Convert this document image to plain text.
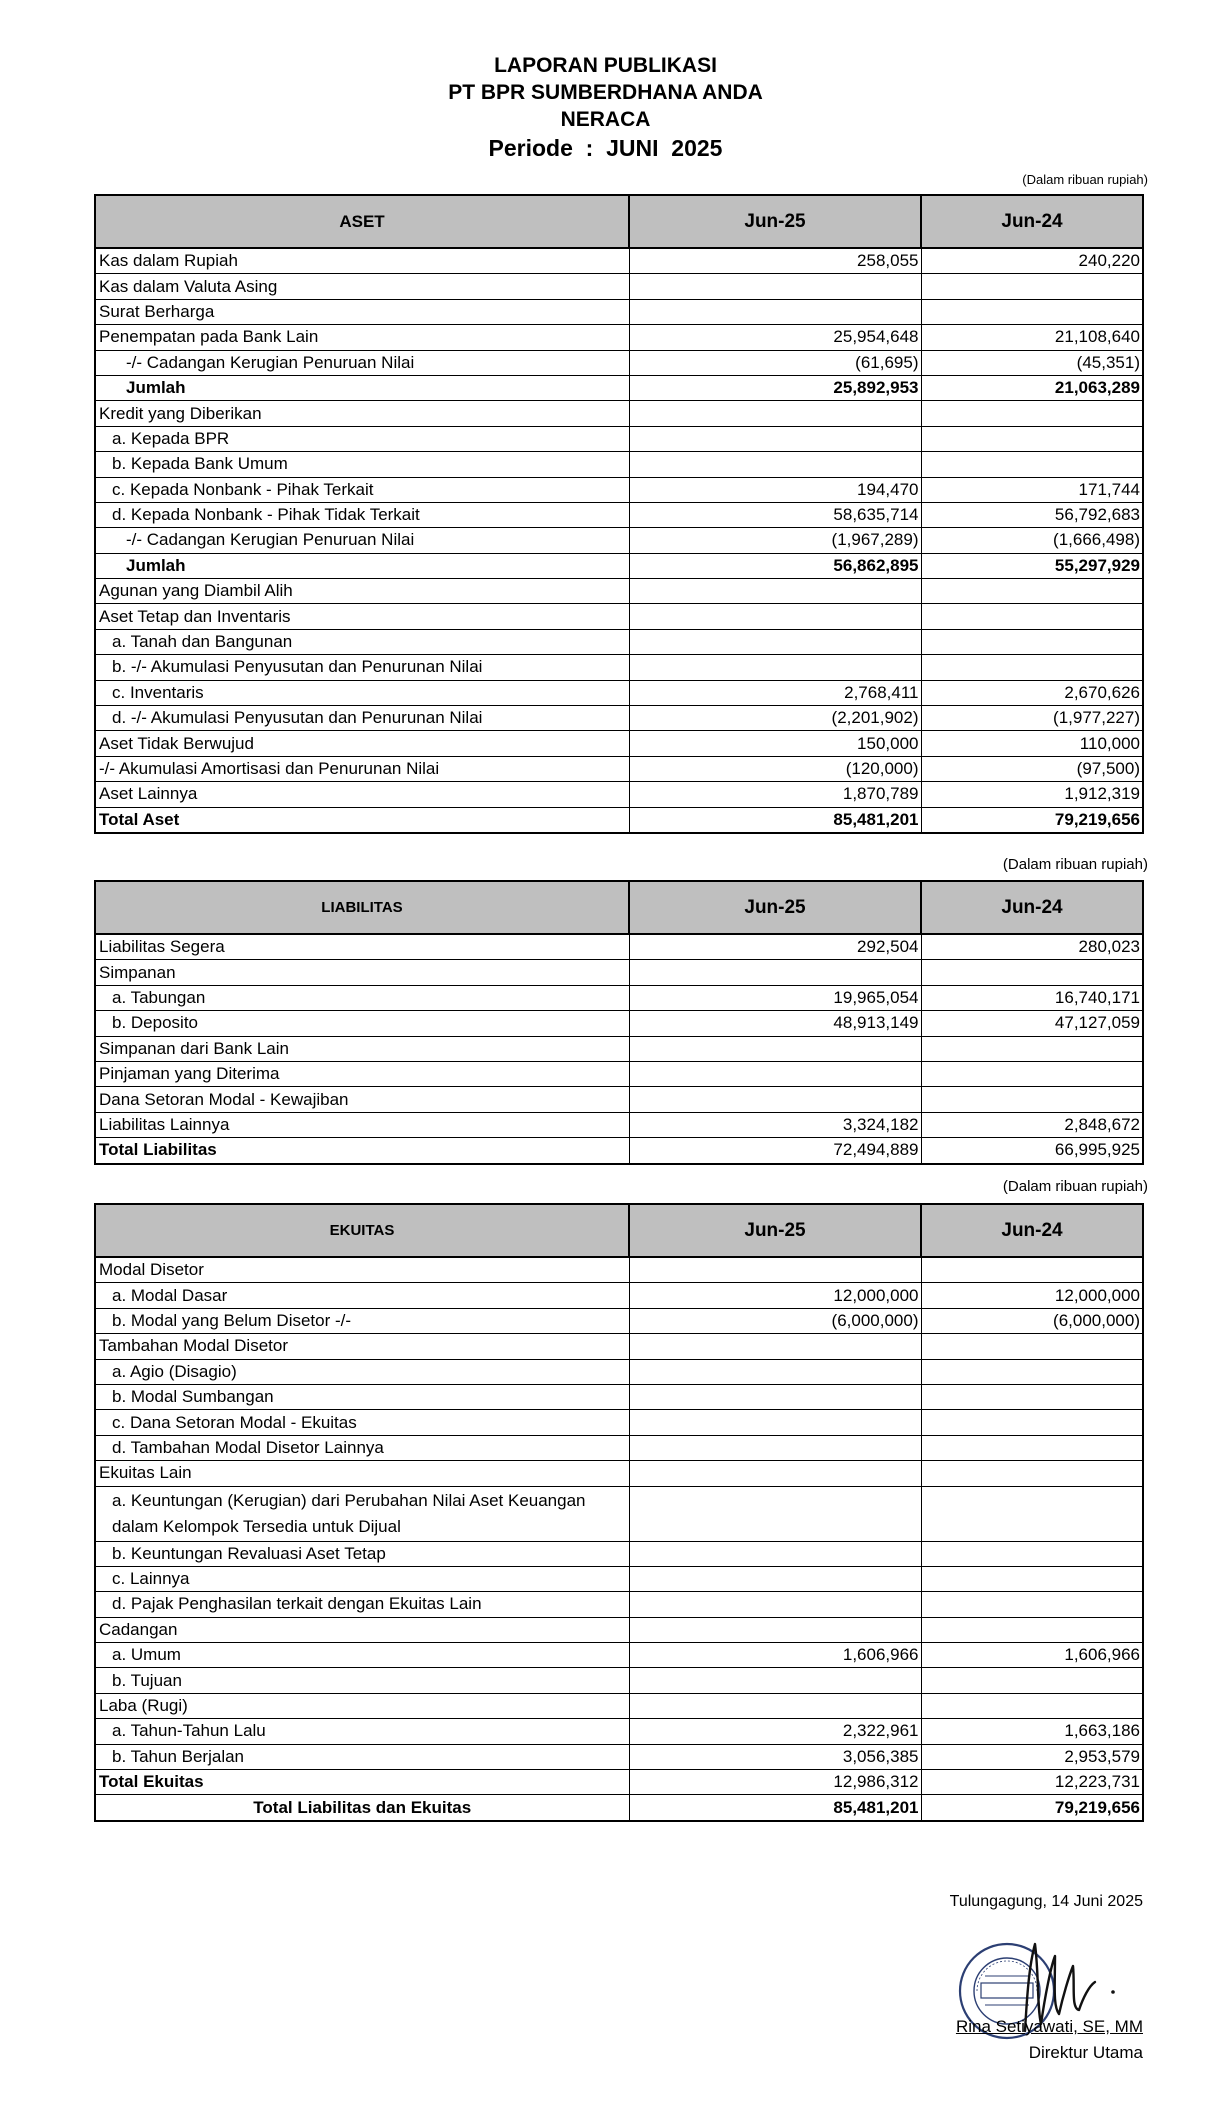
LAPORAN PUBLIKASI
PT BPR SUMBERDHANA ANDA
NERACA
Periode  :  JUNI  2025
(Dalam ribuan rupiah)
ASET	Jun-25	Jun-24
Kas dalam Rupiah	258,055	240,220
Kas dalam Valuta Asing		
Surat Berharga		
Penempatan pada Bank Lain	25,954,648	21,108,640
-/- Cadangan Kerugian Penuruan Nilai	(61,695)	(45,351)
Jumlah	25,892,953	21,063,289
Kredit yang Diberikan		
a. Kepada BPR		
b. Kepada Bank Umum		
c. Kepada Nonbank - Pihak Terkait	194,470	171,744
d. Kepada Nonbank - Pihak Tidak Terkait	58,635,714	56,792,683
-/- Cadangan Kerugian Penuruan Nilai	(1,967,289)	(1,666,498)
Jumlah	56,862,895	55,297,929
Agunan yang Diambil Alih		
Aset Tetap dan Inventaris		
a. Tanah dan Bangunan		
b. -/- Akumulasi Penyusutan dan Penurunan Nilai		
c. Inventaris	2,768,411	2,670,626
d. -/- Akumulasi Penyusutan dan Penurunan Nilai	(2,201,902)	(1,977,227)
Aset Tidak Berwujud	150,000	110,000
-/- Akumulasi Amortisasi dan Penurunan Nilai	(120,000)	(97,500)
Aset Lainnya	1,870,789	1,912,319
Total Aset	85,481,201	79,219,656
(Dalam ribuan rupiah)
LIABILITAS	Jun-25	Jun-24
Liabilitas Segera	292,504	280,023
Simpanan		
a. Tabungan	19,965,054	16,740,171
b. Deposito	48,913,149	47,127,059
Simpanan dari Bank Lain		
Pinjaman yang Diterima		
Dana Setoran Modal - Kewajiban		
Liabilitas Lainnya	3,324,182	2,848,672
Total Liabilitas	72,494,889	66,995,925
(Dalam ribuan rupiah)
EKUITAS	Jun-25	Jun-24
Modal Disetor		
a. Modal Dasar	12,000,000	12,000,000
b. Modal yang Belum Disetor -/-	(6,000,000)	(6,000,000)
Tambahan Modal Disetor		
a. Agio (Disagio)		
b. Modal Sumbangan		
c. Dana Setoran Modal - Ekuitas		
d. Tambahan Modal Disetor Lainnya		
Ekuitas Lain		
a. Keuntungan (Kerugian) dari Perubahan Nilai Aset Keuangan dalam Kelompok Tersedia untuk Dijual		
b. Keuntungan Revaluasi Aset Tetap		
c. Lainnya		
d. Pajak Penghasilan terkait dengan Ekuitas Lain		
Cadangan		
a. Umum	1,606,966	1,606,966
b. Tujuan		
Laba (Rugi)		
a. Tahun-Tahun Lalu	2,322,961	1,663,186
b. Tahun Berjalan	3,056,385	2,953,579
Total Ekuitas	12,986,312	12,223,731
Total Liabilitas dan Ekuitas	85,481,201	79,219,656
Tulungagung, 14 Juni 2025
Rina Setiyawati, SE, MM
Direktur Utama
